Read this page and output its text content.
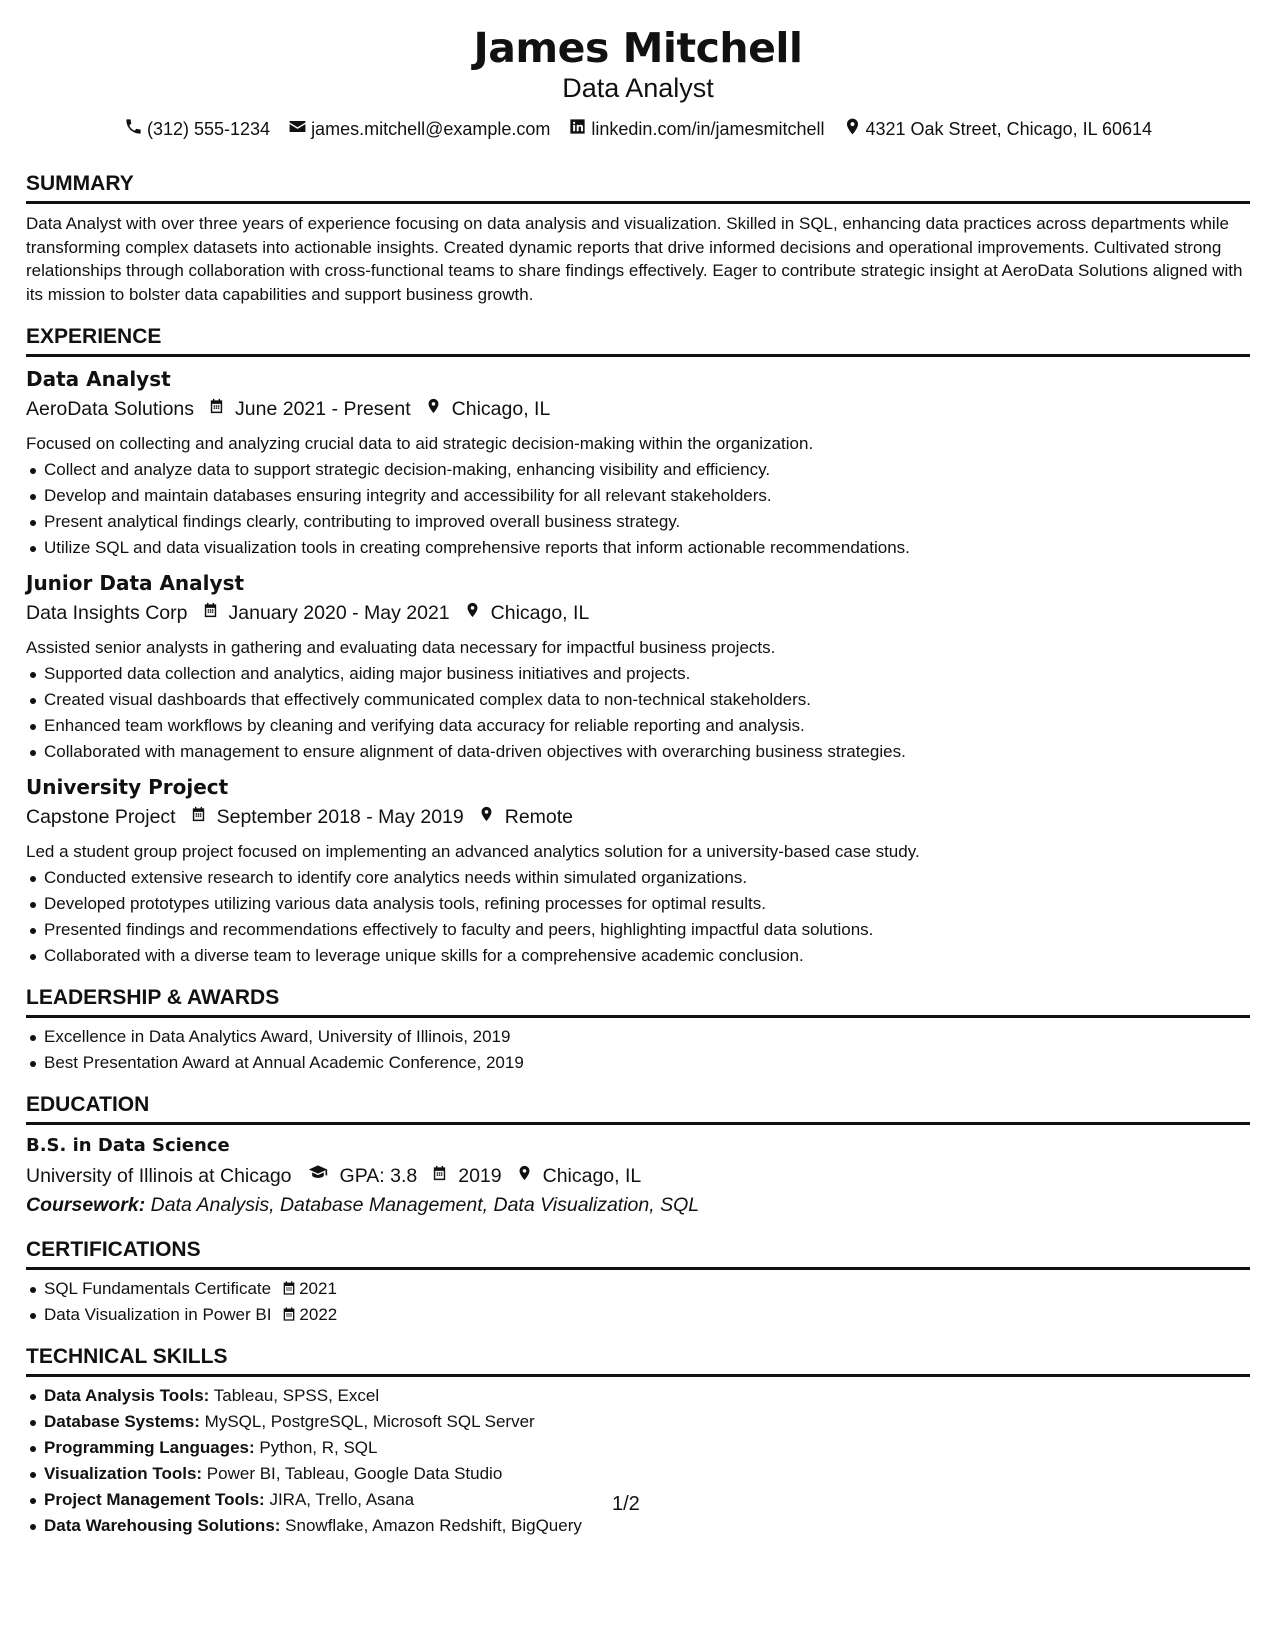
James Mitchell
Data Analyst
(312) 555-1234 james.mitchell@example.com linkedin.com/in/jamesmitchell 4321 Oak Street, Chicago, IL 60614
SUMMARY
Data Analyst with over three years of experience focusing on data analysis and visualization. Skilled in SQL, enhancing data practices across departments while transforming complex datasets into actionable insights. Created dynamic reports that drive informed decisions and operational improvements. Cultivated strong relationships through collaboration with cross-functional teams to share findings effectively. Eager to contribute strategic insight at AeroData Solutions aligned with its mission to bolster data capabilities and support business growth.
EXPERIENCE
Data Analyst
AeroData Solutions June 2021 - Present Chicago, IL
Focused on collecting and analyzing crucial data to aid strategic decision-making within the organization.
Collect and analyze data to support strategic decision-making, enhancing visibility and efficiency.
Develop and maintain databases ensuring integrity and accessibility for all relevant stakeholders.
Present analytical findings clearly, contributing to improved overall business strategy.
Utilize SQL and data visualization tools in creating comprehensive reports that inform actionable recommendations.
Junior Data Analyst
Data Insights Corp January 2020 - May 2021 Chicago, IL
Assisted senior analysts in gathering and evaluating data necessary for impactful business projects.
Supported data collection and analytics, aiding major business initiatives and projects.
Created visual dashboards that effectively communicated complex data to non-technical stakeholders.
Enhanced team workflows by cleaning and verifying data accuracy for reliable reporting and analysis.
Collaborated with management to ensure alignment of data-driven objectives with overarching business strategies.
University Project
Capstone Project September 2018 - May 2019 Remote
Led a student group project focused on implementing an advanced analytics solution for a university-based case study.
Conducted extensive research to identify core analytics needs within simulated organizations.
Developed prototypes utilizing various data analysis tools, refining processes for optimal results.
Presented findings and recommendations effectively to faculty and peers, highlighting impactful data solutions.
Collaborated with a diverse team to leverage unique skills for a comprehensive academic conclusion.
LEADERSHIP & AWARDS
Excellence in Data Analytics Award, University of Illinois, 2019
Best Presentation Award at Annual Academic Conference, 2019
EDUCATION
B.S. in Data Science
University of Illinois at Chicago GPA: 3.8 2019 Chicago, IL
Coursework: Data Analysis, Database Management, Data Visualization, SQL
CERTIFICATIONS
SQL Fundamentals Certificate 2021
Data Visualization in Power BI 2022
TECHNICAL SKILLS
Data Analysis Tools: Tableau, SPSS, Excel
Database Systems: MySQL, PostgreSQL, Microsoft SQL Server
Programming Languages: Python, R, SQL
Visualization Tools: Power BI, Tableau, Google Data Studio
Project Management Tools: JIRA, Trello, Asana
Data Warehousing Solutions: Snowflake, Amazon Redshift, BigQuery
1/2
